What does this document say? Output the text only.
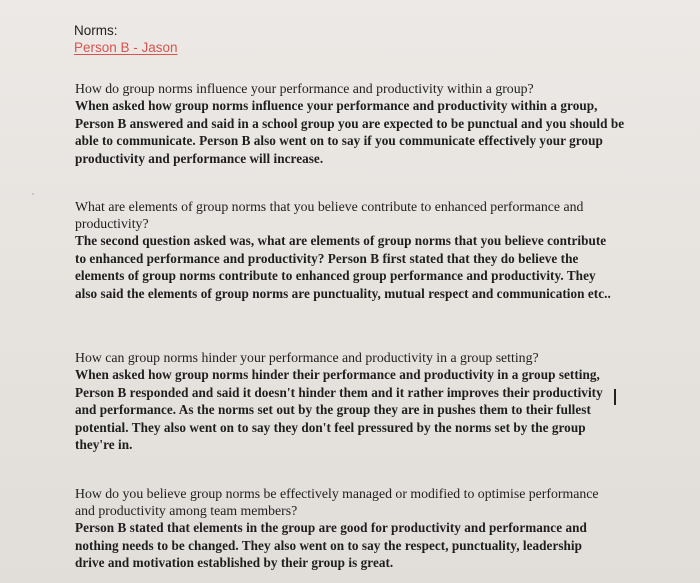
Norms:
Person B - Jason
ˋ

How do group norms influence your performance and productivity within a group?

When asked how group norms influence your performance and productivity within a group, Person B answered and said in a school group you are expected to be punctual and you should be able to communicate. Person B also went on to say if you communicate effectively your group productivity and performance will increase.

What are elements of group norms that you believe contribute to enhanced performance and productivity?

The second question asked was, what are elements of group norms that you believe contribute to enhanced performance and productivity? Person B first stated that they do believe the elements of group norms contribute to enhanced group performance and productivity. They also said the elements of group norms are punctuality, mutual respect and communication etc..

How can group norms hinder your performance and productivity in a group setting?

When asked how group norms hinder their performance and productivity in a group setting, Person B responded and said it doesn't hinder them and it rather improves their productivity and performance. As the norms set out by the group they are in pushes them to their fullest potential. They also went on to say they don't feel pressured by the norms set by the group they're in.

How do you believe group norms be effectively managed or modified to optimise performance and productivity among team members?

Person B stated that elements in the group are good for productivity and performance and nothing needs to be changed. They also went on to say the respect, punctuality, leadership drive and motivation established by their group is great.
